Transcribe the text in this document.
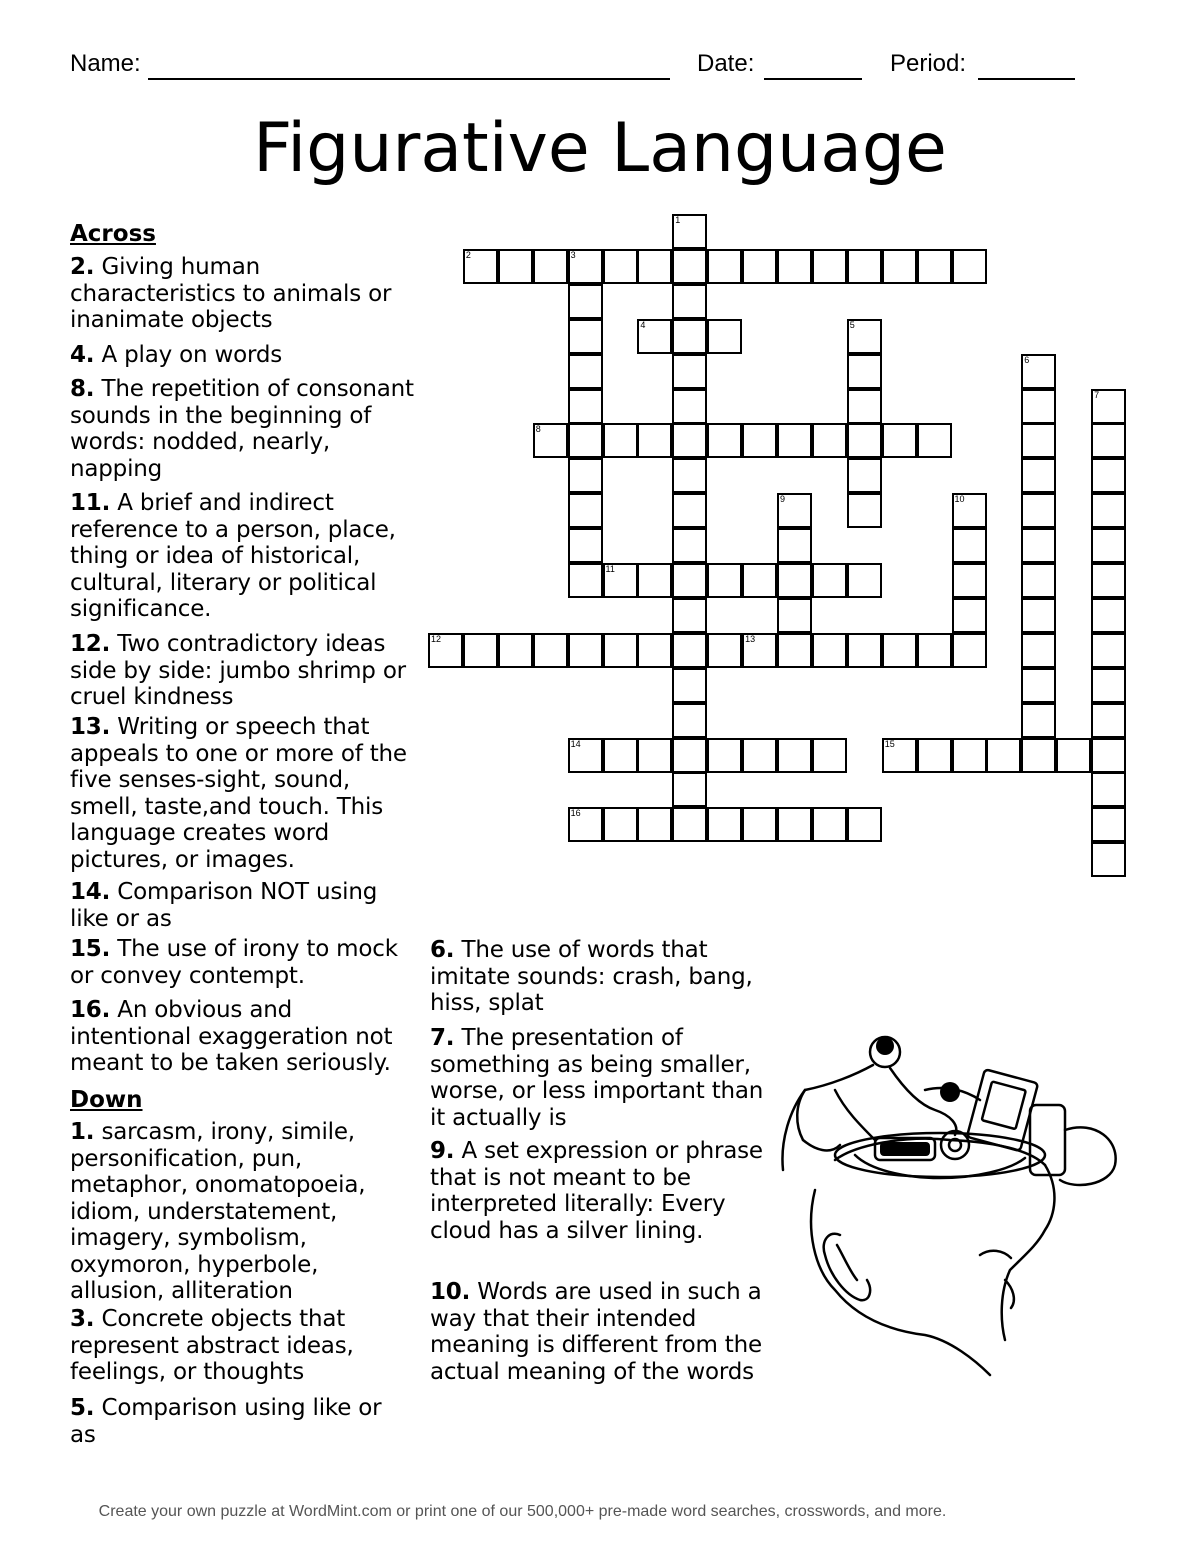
Name:	Date:	Period:
Figurative Language
Across
2. Giving human characteristics to animals or inanimate objects
4. A play on words
8. The repetition of consonant sounds in the beginning of words: nodded, nearly, napping
11. A brief and indirect reference to a person, place, thing or idea of historical, cultural, literary or political significance.
12. Two contradictory ideas side by side: jumbo shrimp or cruel kindness
13. Writing or speech that appeals to one or more of the five senses-sight, sound, smell, taste,and touch. This language creates word pictures, or images.
14. Comparison NOT using like or as
15. The use of irony to mock or convey contempt.
16. An obvious and intentional exaggeration not meant to be taken seriously.
Down
1. sarcasm, irony, simile, personification, pun, metaphor, onomatopoeia, idiom, understatement, imagery, symbolism, oxymoron, hyperbole, allusion, alliteration
3. Concrete objects that represent abstract ideas, feelings, or thoughts
5. Comparison using like or as
6. The use of words that imitate sounds: crash, bang, hiss, splat
7. The presentation of something as being smaller, worse, or less important than it actually is
9. A set expression or phrase that is not meant to be interpreted literally: Every cloud has a silver lining.
10. Words are used in such a way that their intended meaning is different from the actual meaning of the words
1
2	3
4	5
6
7
8
9	10
11
12	13
14	15
16
Create your own puzzle at WordMint.com or print one of our 500,000+ pre-made word searches, crosswords, and more.
